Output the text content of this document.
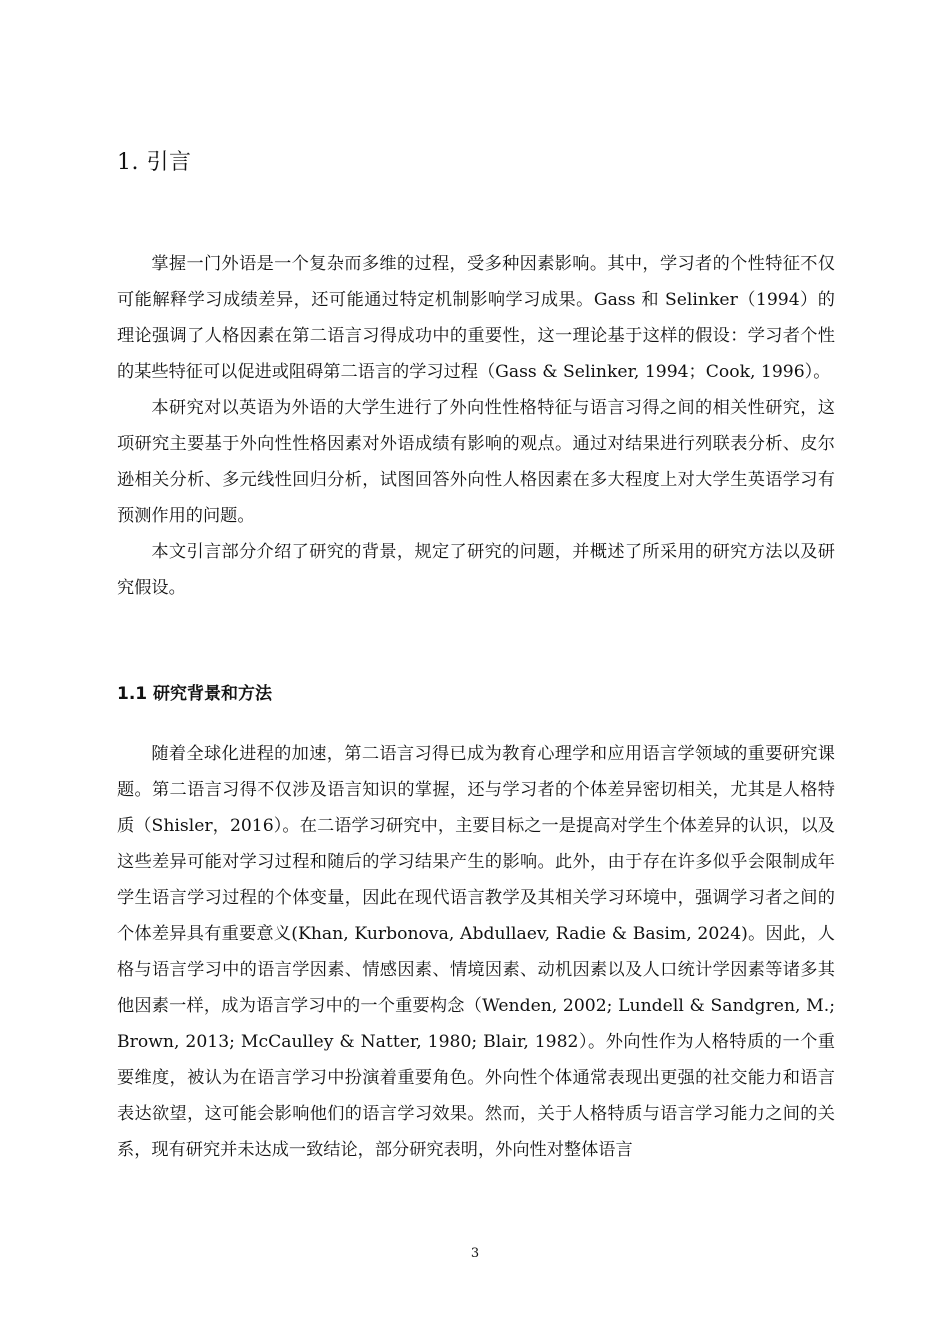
1. 引言

掌握一门外语是一个复杂而多维的过程，受多种因素影响。其中，学习者的个性特征不仅可能解释学习成绩差异，还可能通过特定机制影响学习成果。Gass 和 Selinker（1994）的理论强调了人格因素在第二语言习得成功中的重要性，这一理论基于这样的假设：学习者个性的某些特征可以促进或阻碍第二语言的学习过程（Gass & Selinker, 1994；Cook, 1996）。

本研究对以英语为外语的大学生进行了外向性性格特征与语言习得之间的相关性研究，这项研究主要基于外向性性格因素对外语成绩有影响的观点。通过对结果进行列联表分析、皮尔逊相关分析、多元线性回归分析，试图回答外向性人格因素在多大程度上对大学生英语学习有预测作用的问题。

本文引言部分介绍了研究的背景，规定了研究的问题，并概述了所采用的研究方法以及研究假设。

1.1 研究背景和方法

随着全球化进程的加速，第二语言习得已成为教育心理学和应用语言学领域的重要研究课题。第二语言习得不仅涉及语言知识的掌握，还与学习者的个体差异密切相关，尤其是人格特质（Shisler，2016）。在二语学习研究中，主要目标之一是提高对学生个体差异的认识，以及这些差异可能对学习过程和随后的学习结果产生的影响。此外，由于存在许多似乎会限制成年学生语言学习过程的个体变量，因此在现代语言教学及其相关学习环境中，强调学习者之间的个体差异具有重要意义(Khan, Kurbonova, Abdullaev, Radie & Basim, 2024)。因此，人格与语言学习中的语言学因素、情感因素、情境因素、动机因素以及人口统计学因素等诸多其他因素一样，成为语言学习中的一个重要构念（Wenden, 2002; Lundell & Sandgren, M.; Brown, 2013; McCaulley & Natter, 1980; Blair, 1982）。外向性作为人格特质的一个重要维度，被认为在语言学习中扮演着重要角色。外向性个体通常表现出更强的社交能力和语言表达欲望，这可能会影响他们的语言学习效果。然而，关于人格特质与语言学习能力之间的关系，现有研究并未达成一致结论，部分研究表明，外向性对整体语言

3
